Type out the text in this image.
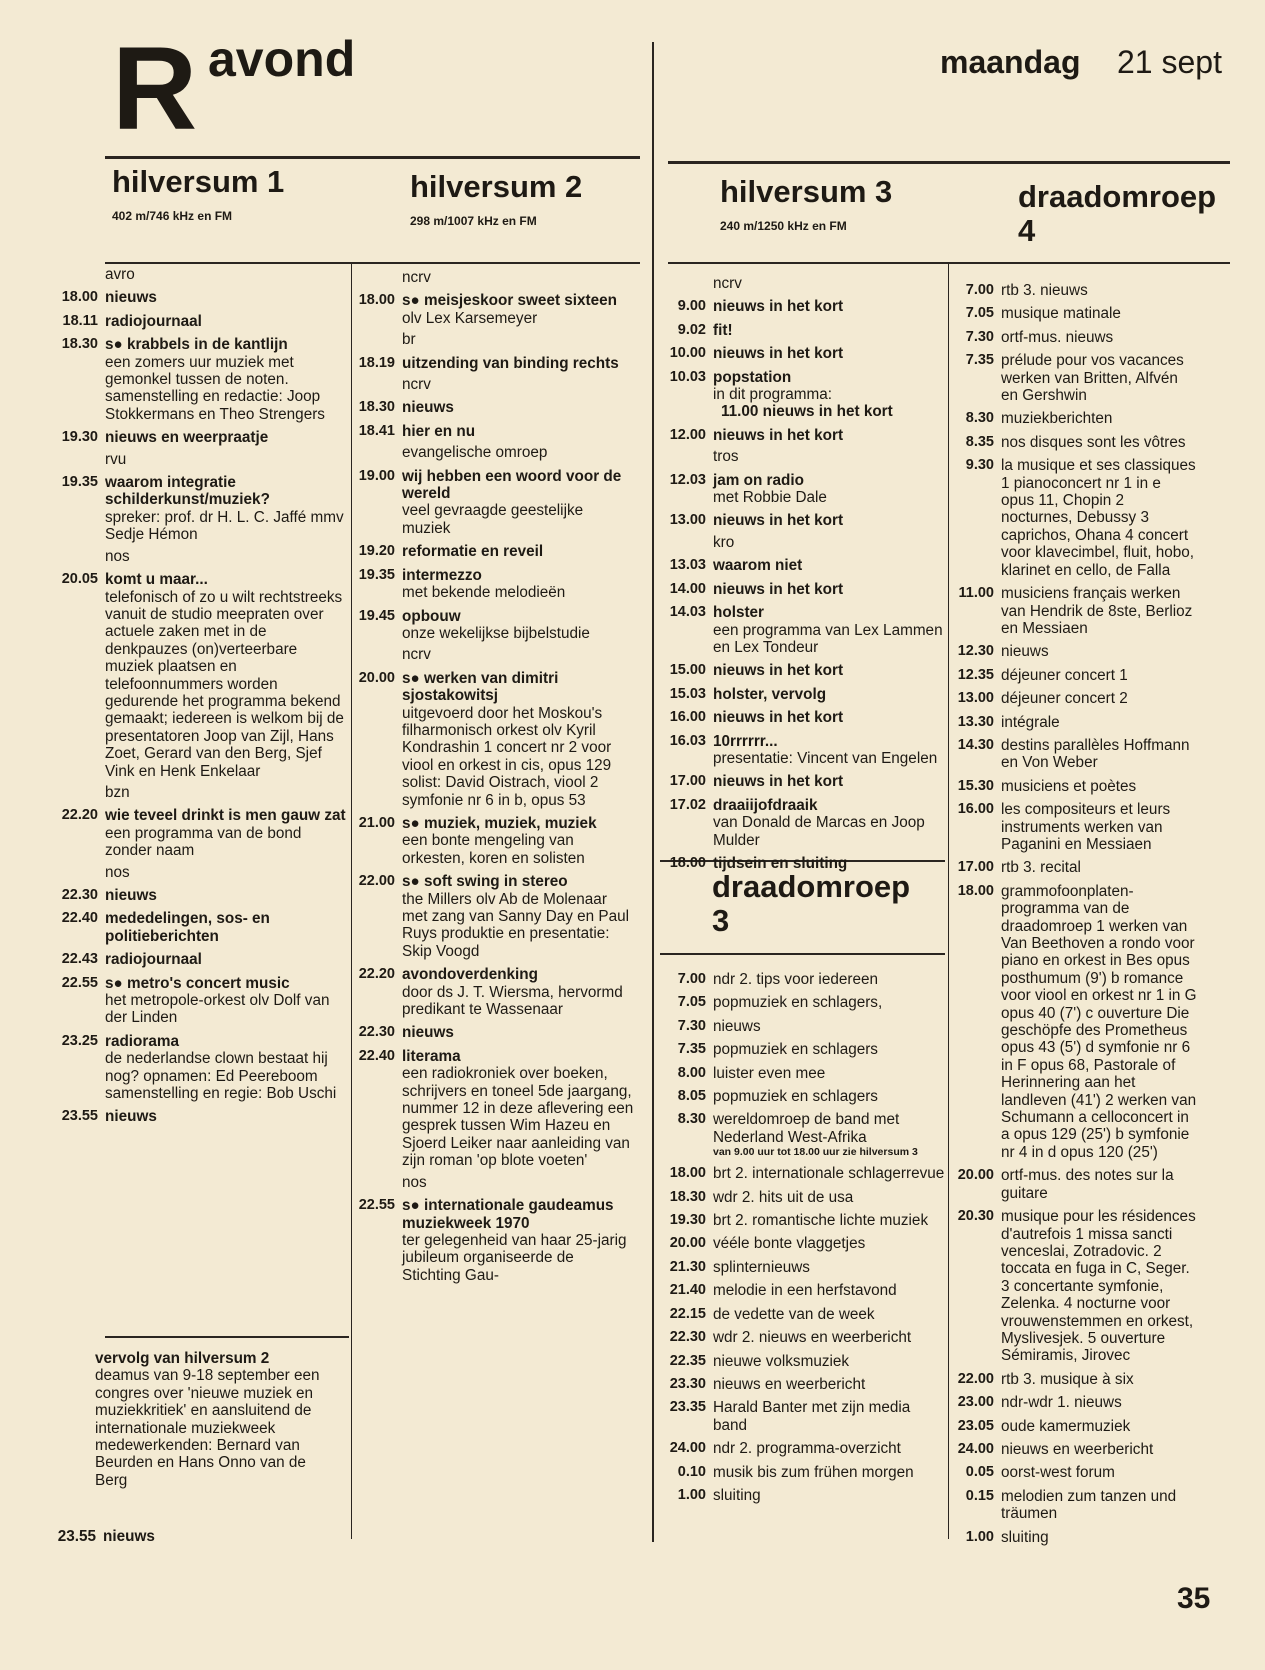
R avond	maandag 21 sept
hilversum 1
402 m/746 kHz en FM
hilversum 2
298 m/1007 kHz en FM
hilversum 3
240 m/1250 kHz en FM
draadomroep
4
draadomroep
3
avro
18.00 nieuws
18.11 radiojournaal
18.30 s● krabbels in de kantlijn
een zomers uur muziek met gemonkel tussen de noten. samenstelling en redactie: Joop Stokkermans en Theo Strengers
19.30 nieuws en weerpraatje
rvu
19.35 waarom integratie schilderkunst/muziek?
spreker: prof. dr H. L. C. Jaffé mmv Sedje Hémon
nos
20.05 komt u maar...
telefonisch of zo u wilt rechtstreeks vanuit de studio meepraten over actuele zaken met in de denkpauzes (on)verteerbare muziek plaatsen en telefoonnummers worden gedurende het programma bekend gemaakt; iedereen is welkom bij de presentatoren Joop van Zijl, Hans Zoet, Gerard van den Berg, Sjef Vink en Henk Enkelaar
bzn
22.20 wie teveel drinkt is men gauw zat
een programma van de bond zonder naam
nos
22.30 nieuws
22.40 mededelingen, sos- en politieberichten
22.43 radiojournaal
22.55 s● metro's concert music
het metropole-orkest olv Dolf van der Linden
23.25 radiorama
de nederlandse clown bestaat hij nog? opnamen: Ed Peereboom samenstelling en regie: Bob Uschi
23.55 nieuws
ncrv
18.00 s● meisjeskoor sweet sixteen
olv Lex Karsemeyer
br
18.19 uitzending van binding rechts
ncrv
18.30 nieuws
18.41 hier en nu
evangelische omroep
19.00 wij hebben een woord voor de wereld
veel gevraagde geestelijke muziek
19.20 reformatie en reveil
19.35 intermezzo
met bekende melodieën
19.45 opbouw
onze wekelijkse bijbelstudie
ncrv
20.00 s● werken van dimitri sjostakowitsj
uitgevoerd door het Moskou's filharmonisch orkest olv Kyril Kondrashin 1 concert nr 2 voor viool en orkest in cis, opus 129 solist: David Oistrach, viool 2 symfonie nr 6 in b, opus 53
21.00 s● muziek, muziek, muziek
een bonte mengeling van orkesten, koren en solisten
22.00 s● soft swing in stereo
the Millers olv Ab de Molenaar met zang van Sanny Day en Paul Ruys produktie en presentatie: Skip Voogd
22.20 avondoverdenking
door ds J. T. Wiersma, hervormd predikant te Wassenaar
22.30 nieuws
22.40 literama
een radiokroniek over boeken, schrijvers en toneel 5de jaargang, nummer 12 in deze aflevering een gesprek tussen Wim Hazeu en Sjoerd Leiker naar aanleiding van zijn roman 'op blote voeten'
nos
22.55 s● internationale gaudeamus muziekweek 1970
ter gelegenheid van haar 25-jarig jubileum organiseerde de Stichting Gau-
ncrv
9.00 nieuws in het kort
9.02 fit!
10.00 nieuws in het kort
10.03 popstation
in dit programma:
11.00 nieuws in het kort
12.00 nieuws in het kort
tros
12.03 jam on radio
met Robbie Dale
13.00 nieuws in het kort
kro
13.03 waarom niet
14.00 nieuws in het kort
14.03 holster
een programma van Lex Lammen en Lex Tondeur
15.00 nieuws in het kort
15.03 holster, vervolg
16.00 nieuws in het kort
16.03 10rrrrrr...
presentatie: Vincent van Engelen
17.00 nieuws in het kort
17.02 draaiijofdraaik
van Donald de Marcas en Joop Mulder
18.00 tijdsein en sluiting
7.00 ndr 2. tips voor iedereen
7.05 popmuziek en schlagers,
7.30 nieuws
7.35 popmuziek en schlagers
8.00 luister even mee
8.05 popmuziek en schlagers
8.30 wereldomroep de band met Nederland West-Afrika
van 9.00 uur tot 18.00 uur zie hilversum 3
18.00 brt 2. internationale schlagerrevue
18.30 wdr 2. hits uit de usa
19.30 brt 2. romantische lichte muziek
20.00 vééle bonte vlaggetjes
21.30 splinternieuws
21.40 melodie in een herfstavond
22.15 de vedette van de week
22.30 wdr 2. nieuws en weerbericht
22.35 nieuwe volksmuziek
23.30 nieuws en weerbericht
23.35 Harald Banter met zijn media band
24.00 ndr 2. programma-overzicht
0.10 musik bis zum frühen morgen
1.00 sluiting
7.00 rtb 3. nieuws
7.05 musique matinale
7.30 ortf-mus. nieuws
7.35 prélude pour vos vacances werken van Britten, Alfvén en Gershwin
8.30 muziekberichten
8.35 nos disques sont les vôtres
9.30 la musique et ses classiques 1 pianoconcert nr 1 in e opus 11, Chopin 2 nocturnes, Debussy 3 caprichos, Ohana 4 concert voor klavecimbel, fluit, hobo, klarinet en cello, de Falla
11.00 musiciens français werken van Hendrik de 8ste, Berlioz en Messiaen
12.30 nieuws
12.35 déjeuner concert 1
13.00 déjeuner concert 2
13.30 intégrale
14.30 destins parallèles Hoffmann en Von Weber
15.30 musiciens et poètes
16.00 les compositeurs et leurs instruments werken van Paganini en Messiaen
17.00 rtb 3. recital
18.00 grammofoonplaten-programma van de draadomroep 1 werken van Van Beethoven a rondo voor piano en orkest in Bes opus posthumum (9') b romance voor viool en orkest nr 1 in G opus 40 (7') c ouverture Die geschöpfe des Prometheus opus 43 (5') d symfonie nr 6 in F opus 68, Pastorale of Herinnering aan het landleven (41') 2 werken van Schumann a celloconcert in a opus 129 (25') b symfonie nr 4 in d opus 120 (25')
20.00 ortf-mus. des notes sur la guitare
20.30 musique pour les résidences d'autrefois 1 missa sancti venceslai, Zotradovic. 2 toccata en fuga in C, Seger. 3 concertante symfonie, Zelenka. 4 nocturne voor vrouwenstemmen en orkest, Myslivesjek. 5 ouverture Sémiramis, Jirovec
22.00 rtb 3. musique à six
23.00 ndr-wdr 1. nieuws
23.05 oude kamermuziek
24.00 nieuws en weerbericht
0.05 oorst-west forum
0.15 melodien zum tanzen und träumen
1.00 sluiting
vervolg van hilversum 2
deamus van 9-18 september een congres over 'nieuwe muziek en muziekkritiek' en aansluitend de internationale muziekweek medewerkenden: Bernard van Beurden en Hans Onno van de Berg
23.55 nieuws
35
